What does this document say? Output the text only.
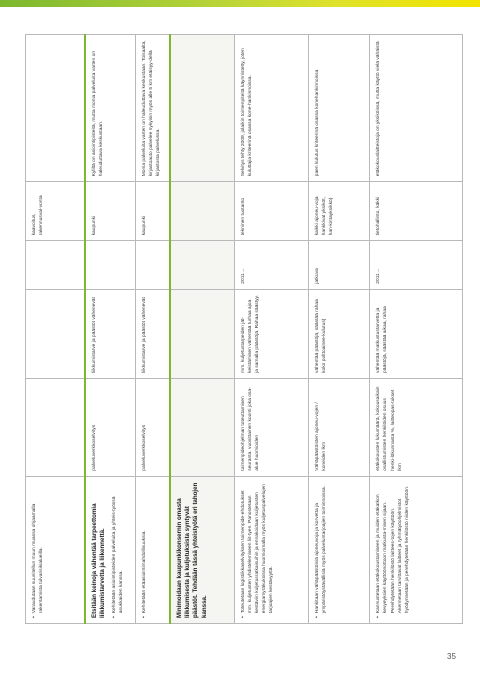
▪ Varaudutaan suunitellun muun muassa ohjaamalla rakentamista tulvarisikialueilla.				kaavoitus, rakennusval-vonta	

Etsitään keinoja vähentää tarpeettomia liikkumistarvetta ja liikennettä. ▪ Kehitetään asiointipisteiden palveluita ja yhteis-työssä asukkaiden kanssa.	palveluverkkoselvitys	liikkumistarve ja päästöt vähenevät		kaupunki	Kyliltä on asiointipisteitä, mutta monia palveluita varten on haleuduttava keskustaan.

▪ Kehitetään etäasiointimahdollisuuksia.	palveluverkkoselvitys	liikkumistarve ja päästöt vähenevät		kaupunki	Monia palveluita varten on haleuduttava keskustaan. Toisaalta, kirjastoauto palvelee nykyisin myös alle 5 km etäisyy-dellä kirjastosta palvelussa.

Minimoidaan kaupunkikonsernin omasta liikkumisesta ja kuljetuksista syntyvät päästöt. Tehdään tässä yhteistyötä eri tahojen kanssa.					

▪ Toteutetaan logistiikkaselvityksen toimenpide-ehdotukset mm. kuljetusten yhdistelemiseen liit-tyen. Panostetaan kestäviin kuljetusratkaisuihin ja ennakoidaan kuljetusten energiamyräkuksissa huomioimalla myös kuljetuspalvelujen tarjoajien kestävyyttä.	toimenpideohjelman toteuttamisen seuranta. vuosittainen koonti joka osa-alue huomioiden	mm. kuljetustarpeiden jät-keistämisen vähentää turhaa ajoa ja samalla päästöjä. Rahaa säästyy.	2011→	tekninen tuotanto	Selvitys tehty 2009, jolaikin toimenpiteitä käynnistetty, joten kuluttajia kriteerinä osassa kone-hankinnoissa.

▪ Hankitaan vähäpäästöisiä ajoneuvoja ja korvetta ja ympäristöystävällisiä myös palveluntarjoajien toiminnoissa.	Vähäpäästöisten ajoneu-vojen / koneiden lkm	vähentää päästöjä, säästää rahaa koko polttoainee-kulutus)	jatkuva	kaikki ajoneu-voja hankkivat yksiköt, han-kintayksikkö)	paen kulutus kriteerinä osassa konehankinnoissa

▪ Kannustetaan etäkokoustamiseen ja muiden etäkatkon kevyeyksien käyttöönottoon matkusta-misen sijaan. Perehdytetään henkilöstö laittees-tojen käyttöön. Akennetaan tarvittavat laitteet ja ryhmätyöohjelmistot hyödynnetään ja perehdytetään henkilöstö niiden käyttöön.	etäkokousten lukumäärä, kokousaikain osallistumisten henkilöiden osuus henki-lökunnasta %, laitteopas-tukset lkm	vähentää matkustustarvetta ja päästöjä, säästää aikaa, rahaa	2011→	tietohallinto, käkki	etäkokouslaitteistoja on yksiköissä, mutta käyttö vielä vähäistä
35
